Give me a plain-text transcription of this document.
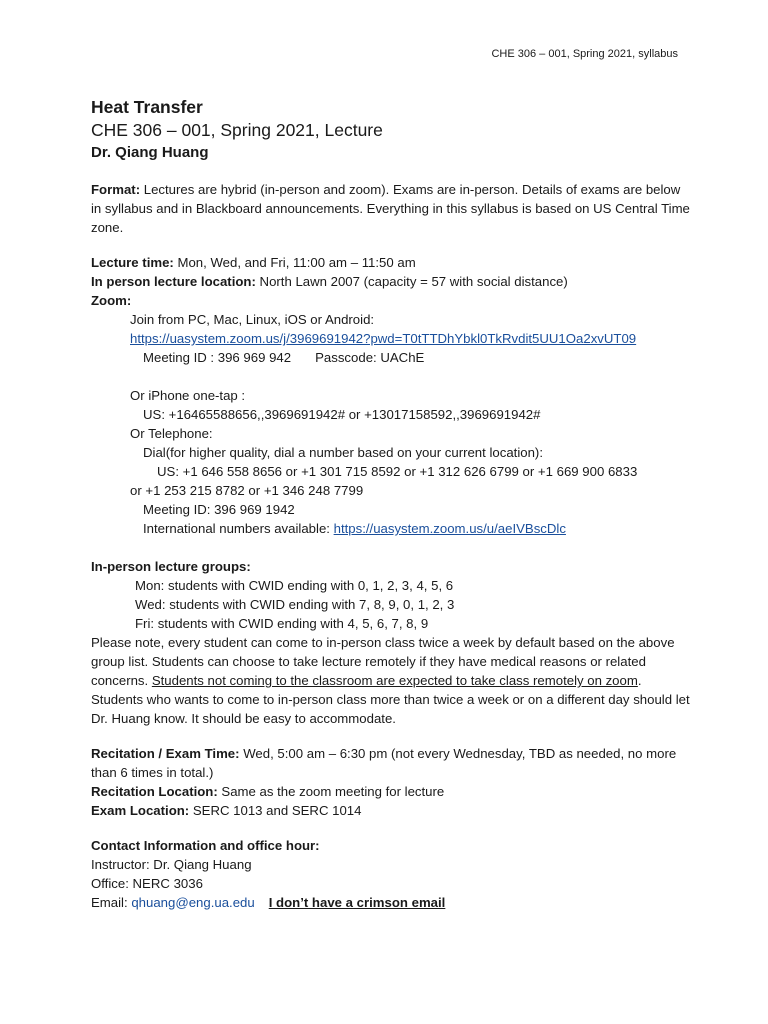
CHE 306 – 001, Spring 2021, syllabus
Heat Transfer
CHE 306 – 001, Spring 2021, Lecture
Dr. Qiang Huang
Format: Lectures are hybrid (in-person and zoom). Exams are in-person. Details of exams are below in syllabus and in Blackboard announcements. Everything in this syllabus is based on US Central Time zone.
Lecture time: Mon, Wed, and Fri, 11:00 am – 11:50 am
In person lecture location: North Lawn 2007 (capacity = 57 with social distance)
Zoom:
Join from PC, Mac, Linux, iOS or Android:
https://uasystem.zoom.us/j/3969691942?pwd=T0tTTDhYbkl0TkRvdit5UU1Oa2xvUT09
Meeting ID : 396 969 942 Passcode: UAChE
Or iPhone one-tap :
US: +16465588656,,3969691942# or +13017158592,,3969691942#
Or Telephone:
Dial(for higher quality, dial a number based on your current location):
US: +1 646 558 8656 or +1 301 715 8592 or +1 312 626 6799 or +1 669 900 6833
or +1 253 215 8782 or +1 346 248 7799
Meeting ID: 396 969 1942
International numbers available: https://uasystem.zoom.us/u/aeIVBscDlc
In-person lecture groups:
Mon: students with CWID ending with 0, 1, 2, 3, 4, 5, 6
Wed: students with CWID ending with 7, 8, 9, 0, 1, 2, 3
Fri: students with CWID ending with 4, 5, 6, 7, 8, 9
Please note, every student can come to in-person class twice a week by default based on the above group list. Students can choose to take lecture remotely if they have medical reasons or related concerns. Students not coming to the classroom are expected to take class remotely on zoom. Students who wants to come to in-person class more than twice a week or on a different day should let Dr. Huang know. It should be easy to accommodate.
Recitation / Exam Time: Wed, 5:00 am – 6:30 pm (not every Wednesday, TBD as needed, no more than 6 times in total.)
Recitation Location: Same as the zoom meeting for lecture
Exam Location: SERC 1013 and SERC 1014
Contact Information and office hour:
Instructor: Dr. Qiang Huang
Office: NERC 3036
Email: qhuang@eng.ua.edu I don’t have a crimson email
